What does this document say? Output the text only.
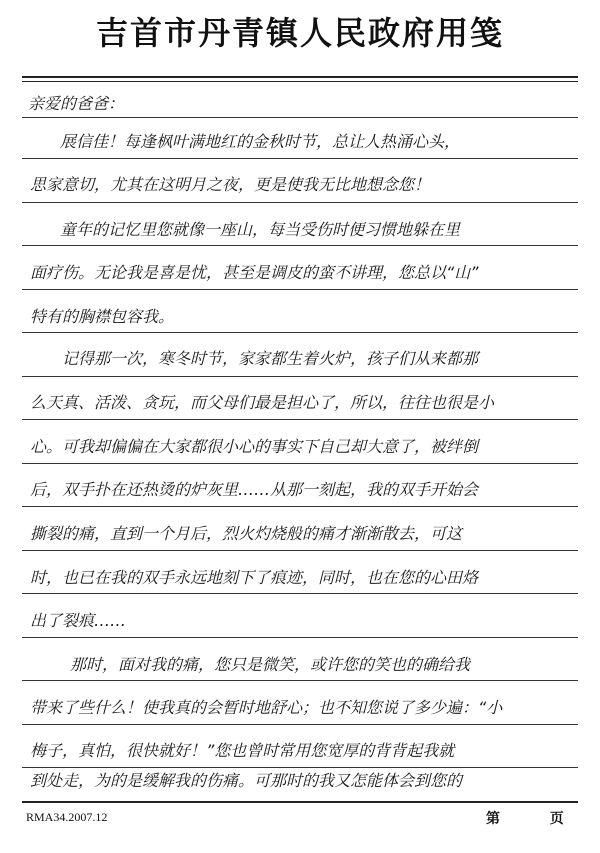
吉首市丹青镇人民政府用笺
亲爱的爸爸：
展信佳！每逢枫叶满地红的金秋时节，总让人热涌心头，
思家意切，尤其在这明月之夜，更是使我无比地想念您！
童年的记忆里您就像一座山，每当受伤时便习惯地躲在里
面疗伤。无论我是喜是忧，甚至是调皮的蛮不讲理，您总以“山”
特有的胸襟包容我。
记得那一次，寒冬时节，家家都生着火炉，孩子们从来都那
么天真、活泼、贪玩，而父母们最是担心了，所以，往往也很是小
心。可我却偏偏在大家都很小心的事实下自己却大意了，被绊倒
后，双手扑在还热烫的炉灰里……从那一刻起，我的双手开始会
撕裂的痛，直到一个月后，烈火灼烧般的痛才渐渐散去，可这
时，也已在我的双手永远地刻下了痕迹，同时，也在您的心田烙
出了裂痕……
那时，面对我的痛，您只是微笑，或许您的笑也的确给我
带来了些什么！使我真的会暂时地舒心；也不知您说了多少遍：“小
梅子，真怕，很快就好！”您也曾时常用您宽厚的背背起我就
到处走，为的是缓解我的伤痛。可那时的我又怎能体会到您的
RMA34.2007.12	第	页
